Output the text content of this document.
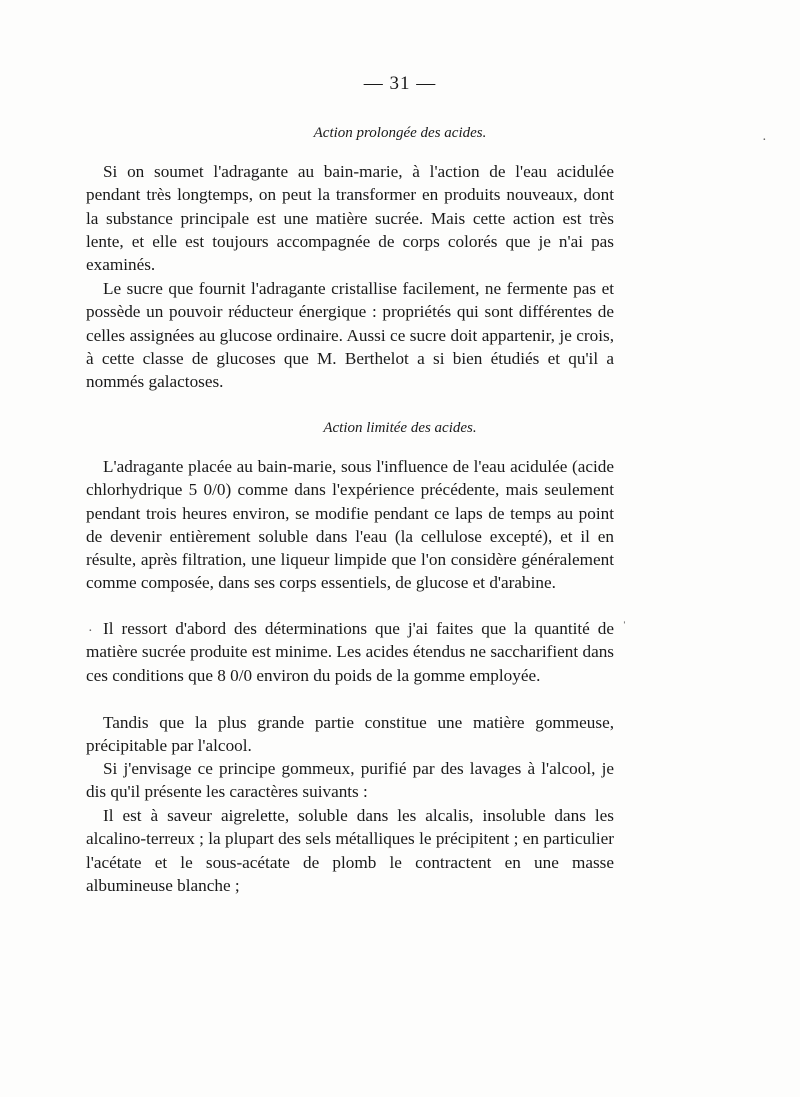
— 31 —
Action prolongée des acides.

Si on soumet l'adragante au bain-marie, à l'action de l'eau acidulée pendant très longtemps, on peut la transformer en produits nouveaux, dont la substance principale est une matière sucrée. Mais cette action est très lente, et elle est toujours accompagnée de corps colorés que je n'ai pas examinés.

Le sucre que fournit l'adragante cristallise facilement, ne fermente pas et possède un pouvoir réducteur énergique : propriétés qui sont différentes de celles assignées au glucose ordinaire. Aussi ce sucre doit appartenir, je crois, à cette classe de glucoses que M. Berthelot a si bien étudiés et qu'il a nommés galactoses.

Action limitée des acides.

L'adragante placée au bain-marie, sous l'influence de l'eau acidulée (acide chlorhydrique 5 0/0) comme dans l'expérience précédente, mais seulement pendant trois heures environ, se modifie pendant ce laps de temps au point de devenir entièrement soluble dans l'eau (la cellulose excepté), et il en résulte, après filtration, une liqueur limpide que l'on considère généralement comme composée, dans ses corps essentiels, de glucose et d'arabine.

Il ressort d'abord des déterminations que j'ai faites que la quantité de matière sucrée produite est minime. Les acides étendus ne saccharifient dans ces conditions que 8 0/0 environ du poids de la gomme employée.

Tandis que la plus grande partie constitue une matière gommeuse, précipitable par l'alcool.

Si j'envisage ce principe gommeux, purifié par des lavages à l'alcool, je dis qu'il présente les caractères suivants :

Il est à saveur aigrelette, soluble dans les alcalis, insoluble dans les alcalino-terreux ; la plupart des sels métalliques le précipitent ; en particulier l'acétate et le sous-acétate de plomb le contractent en une masse albumineuse blanche ;

·
·	ˈ
